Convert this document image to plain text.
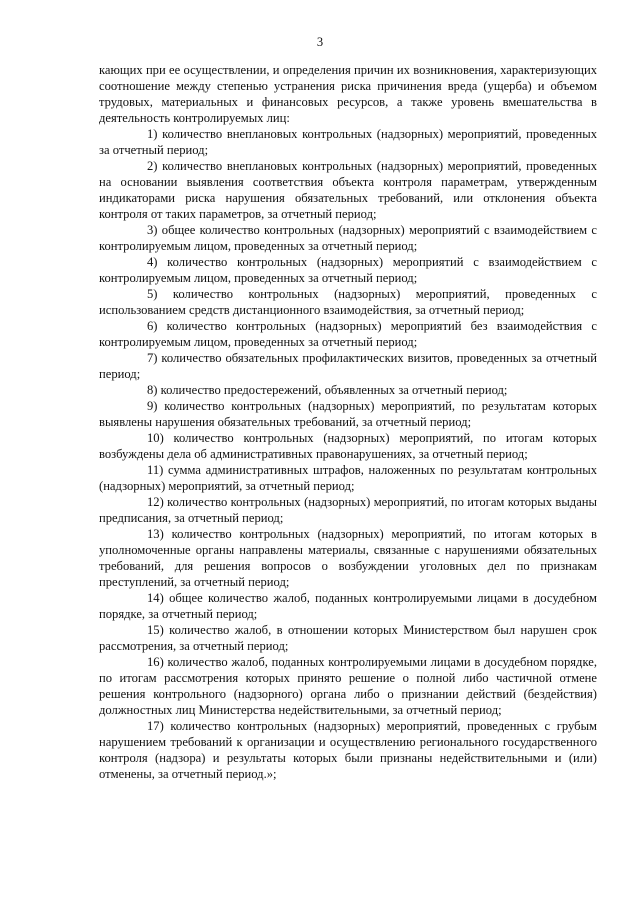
3

кающих при ее осуществлении, и определения причин их возникновения, характеризующих соотношение между степенью устранения риска причинения вреда (ущерба) и объемом трудовых, материальных и финансовых ресурсов, а также уровень вмешательства в деятельность контролируемых лиц:

1) количество внеплановых контрольных (надзорных) мероприятий, проведенных за отчетный период;

2) количество внеплановых контрольных (надзорных) мероприятий, проведенных на основании выявления соответствия объекта контроля параметрам, утвержденным индикаторами риска нарушения обязательных требований, или отклонения объекта контроля от таких параметров, за отчетный период;

3) общее количество контрольных (надзорных) мероприятий с взаимодействием с контролируемым лицом, проведенных за отчетный период;

4) количество контрольных (надзорных) мероприятий с взаимодействием с контролируемым лицом, проведенных за отчетный период;

5) количество контрольных (надзорных) мероприятий, проведенных с использованием средств дистанционного взаимодействия, за отчетный период;

6) количество контрольных (надзорных) мероприятий без взаимодействия с контролируемым лицом, проведенных за отчетный период;

7) количество обязательных профилактических визитов, проведенных за отчетный период;

8) количество предостережений, объявленных за отчетный период;

9) количество контрольных (надзорных) мероприятий, по результатам которых выявлены нарушения обязательных требований, за отчетный период;

10) количество контрольных (надзорных) мероприятий, по итогам которых возбуждены дела об административных правонарушениях, за отчетный период;

11) сумма административных штрафов, наложенных по результатам контрольных (надзорных) мероприятий, за отчетный период;

12) количество контрольных (надзорных) мероприятий, по итогам которых выданы предписания, за отчетный период;

13) количество контрольных (надзорных) мероприятий, по итогам которых в уполномоченные органы направлены материалы, связанные с нарушениями обязательных требований, для решения вопросов о возбуждении уголовных дел по признакам преступлений, за отчетный период;

14) общее количество жалоб, поданных контролируемыми лицами в досудебном порядке, за отчетный период;

15) количество жалоб, в отношении которых Министерством был нарушен срок рассмотрения, за отчетный период;

16) количество жалоб, поданных контролируемыми лицами в досудебном порядке, по итогам рассмотрения которых принято решение о полной либо частичной отмене решения контрольного (надзорного) органа либо о признании действий (бездействия) должностных лиц Министерства недействительными, за отчетный период;

17) количество контрольных (надзорных) мероприятий, проведенных с грубым нарушением требований к организации и осуществлению регионального государственного контроля (надзора) и результаты которых были признаны недействительными и (или) отменены, за отчетный период.»;
